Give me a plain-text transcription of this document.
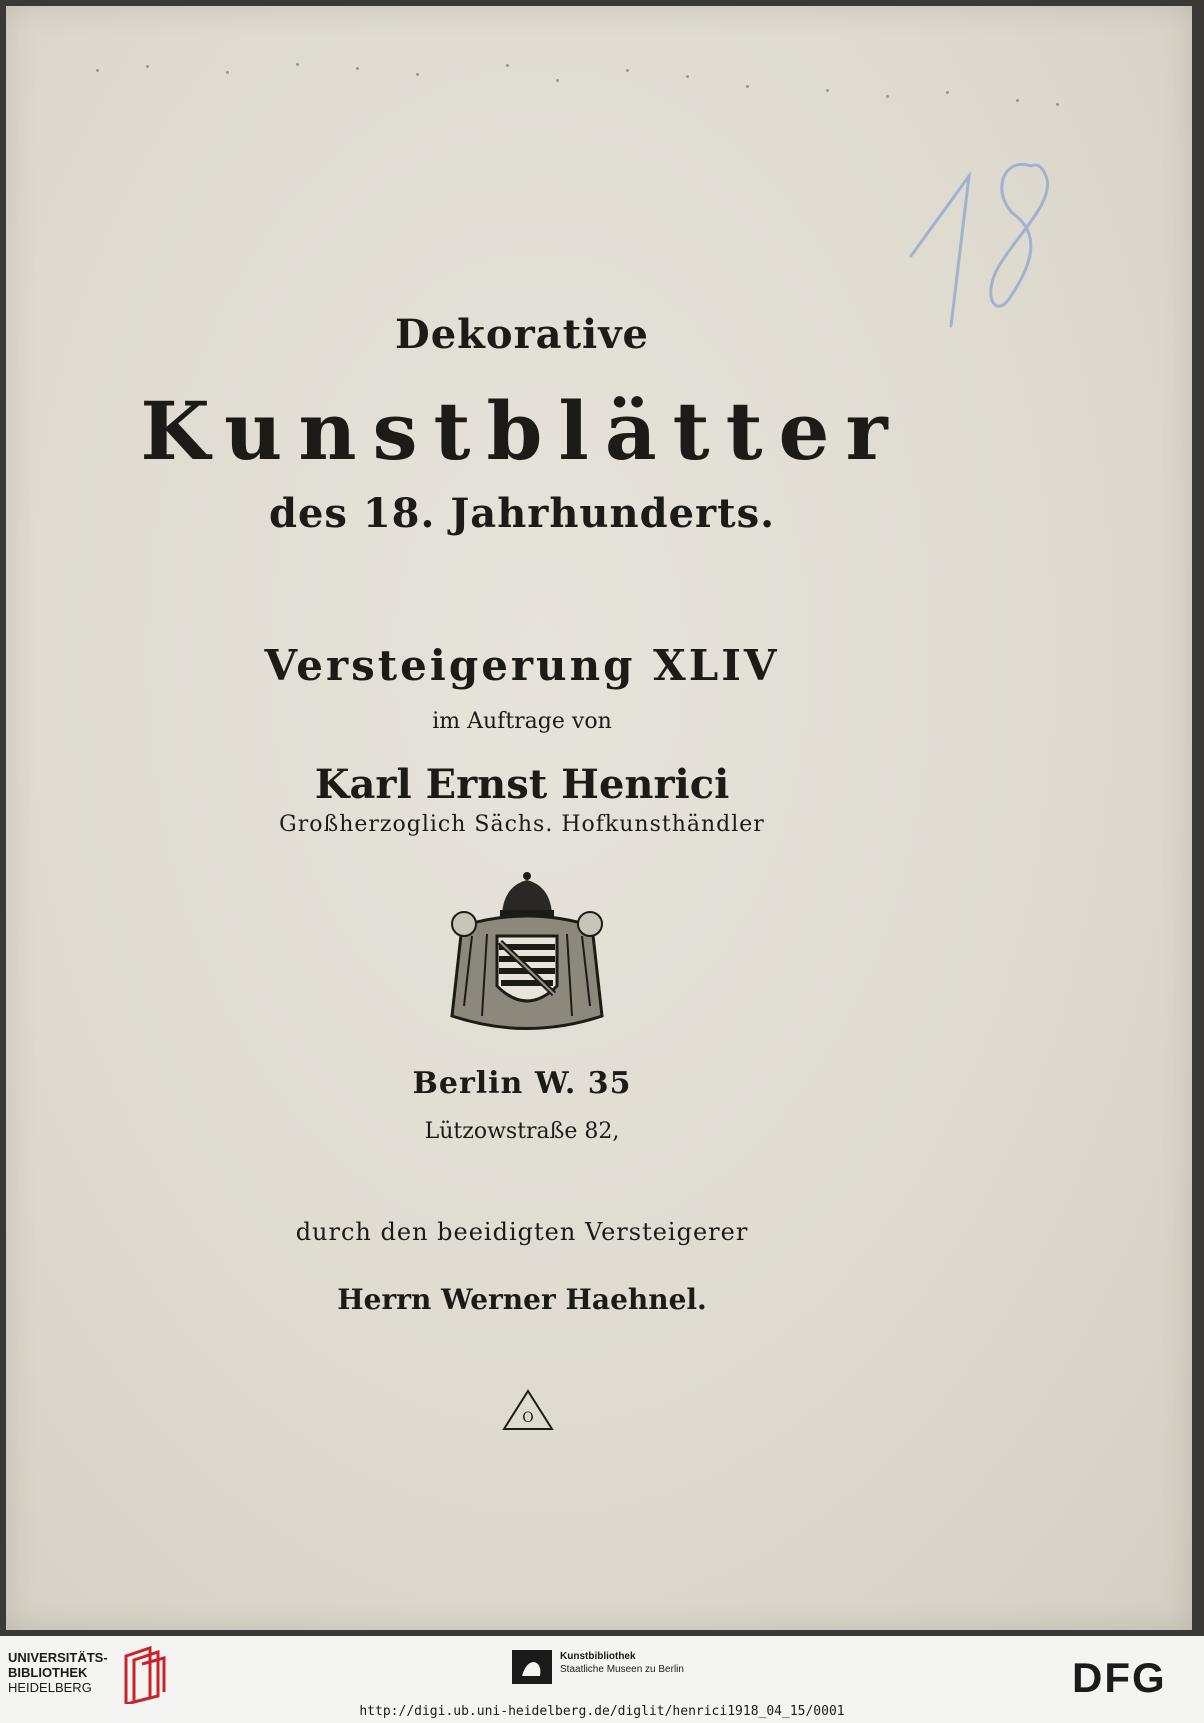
Dekorative
Kunstblätter
des 18. Jahrhunderts.
Versteigerung XLIV
im Auftrage von
Karl Ernst Henrici
Großherzoglich Sächs. Hofkunsthändler
Berlin W. 35
Lützowstraße 82,
durch den beeidigten Versteigerer
Herrn Werner Haehnel.
O
UNIVERSITÄTS-
BIBLIOTHEK
HEIDELBERG
Kunstbibliothek
Staatliche Museen zu Berlin	DFG
http://digi.ub.uni-heidelberg.de/diglit/henrici1918_04_15/0001
